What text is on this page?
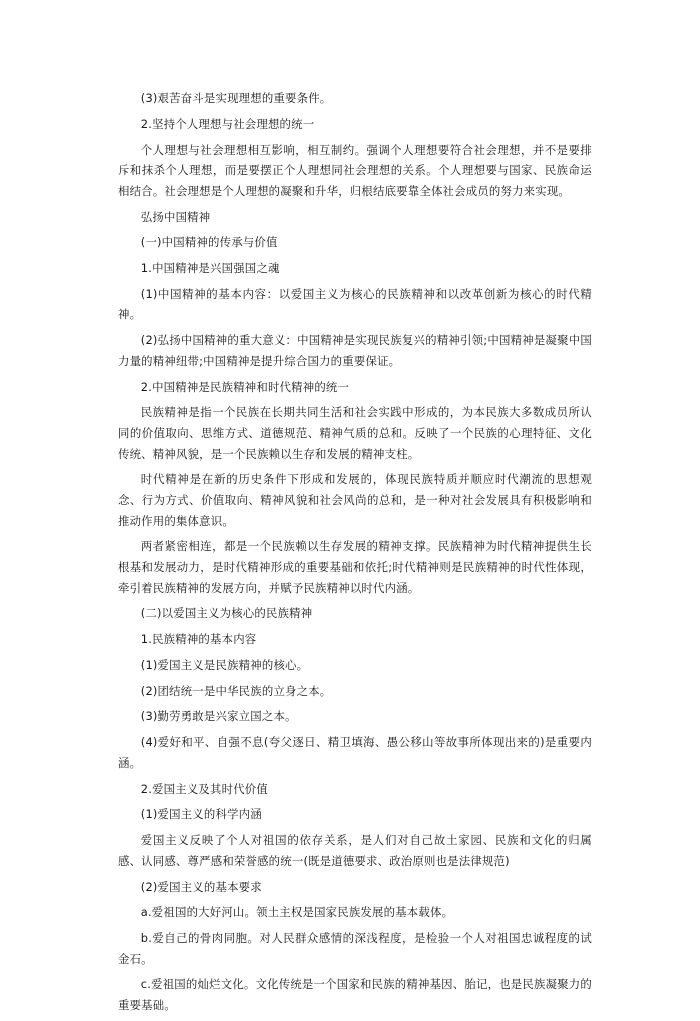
(3)艰苦奋斗是实现理想的重要条件。

2.坚持个人理想与社会理想的统一

个人理想与社会理想相互影响，相互制约。强调个人理想要符合社会理想，并不是要排斥和抹杀个人理想，而是要摆正个人理想同社会理想的关系。个人理想要与国家、民族命运相结合。社会理想是个人理想的凝聚和升华，归根结底要靠全体社会成员的努力来实现。

弘扬中国精神

(一)中国精神的传承与价值

1.中国精神是兴国强国之魂

(1)中国精神的基本内容：以爱国主义为核心的民族精神和以改革创新为核心的时代精神。

(2)弘扬中国精神的重大意义：中国精神是实现民族复兴的精神引领;中国精神是凝聚中国力量的精神纽带;中国精神是提升综合国力的重要保证。

2.中国精神是民族精神和时代精神的统一

民族精神是指一个民族在长期共同生活和社会实践中形成的，为本民族大多数成员所认同的价值取向、思维方式、道德规范、精神气质的总和。反映了一个民族的心理特征、文化传统、精神风貌，是一个民族赖以生存和发展的精神支柱。

时代精神是在新的历史条件下形成和发展的，体现民族特质并顺应时代潮流的思想观念、行为方式、价值取向、精神风貌和社会风尚的总和，是一种对社会发展具有积极影响和推动作用的集体意识。

两者紧密相连，都是一个民族赖以生存发展的精神支撑。民族精神为时代精神提供生长根基和发展动力，是时代精神形成的重要基础和依托;时代精神则是民族精神的时代性体现，牵引着民族精神的发展方向，并赋予民族精神以时代内涵。

(二)以爱国主义为核心的民族精神

1.民族精神的基本内容

(1)爱国主义是民族精神的核心。

(2)团结统一是中华民族的立身之本。

(3)勤劳勇敢是兴家立国之本。

(4)爱好和平、自强不息(夸父逐日、精卫填海、愚公移山等故事所体现出来的)是重要内涵。

2.爱国主义及其时代价值

(1)爱国主义的科学内涵

爱国主义反映了个人对祖国的依存关系，是人们对自己故土家园、民族和文化的归属感、认同感、尊严感和荣誉感的统一(既是道德要求、政治原则也是法律规范)

(2)爱国主义的基本要求

a.爱祖国的大好河山。领土主权是国家民族发展的基本载体。

b.爱自己的骨肉同胞。对人民群众感情的深浅程度，是检验一个人对祖国忠诚程度的试金石。

c.爱祖国的灿烂文化。文化传统是一个国家和民族的精神基因、胎记，也是民族凝聚力的重要基础。
